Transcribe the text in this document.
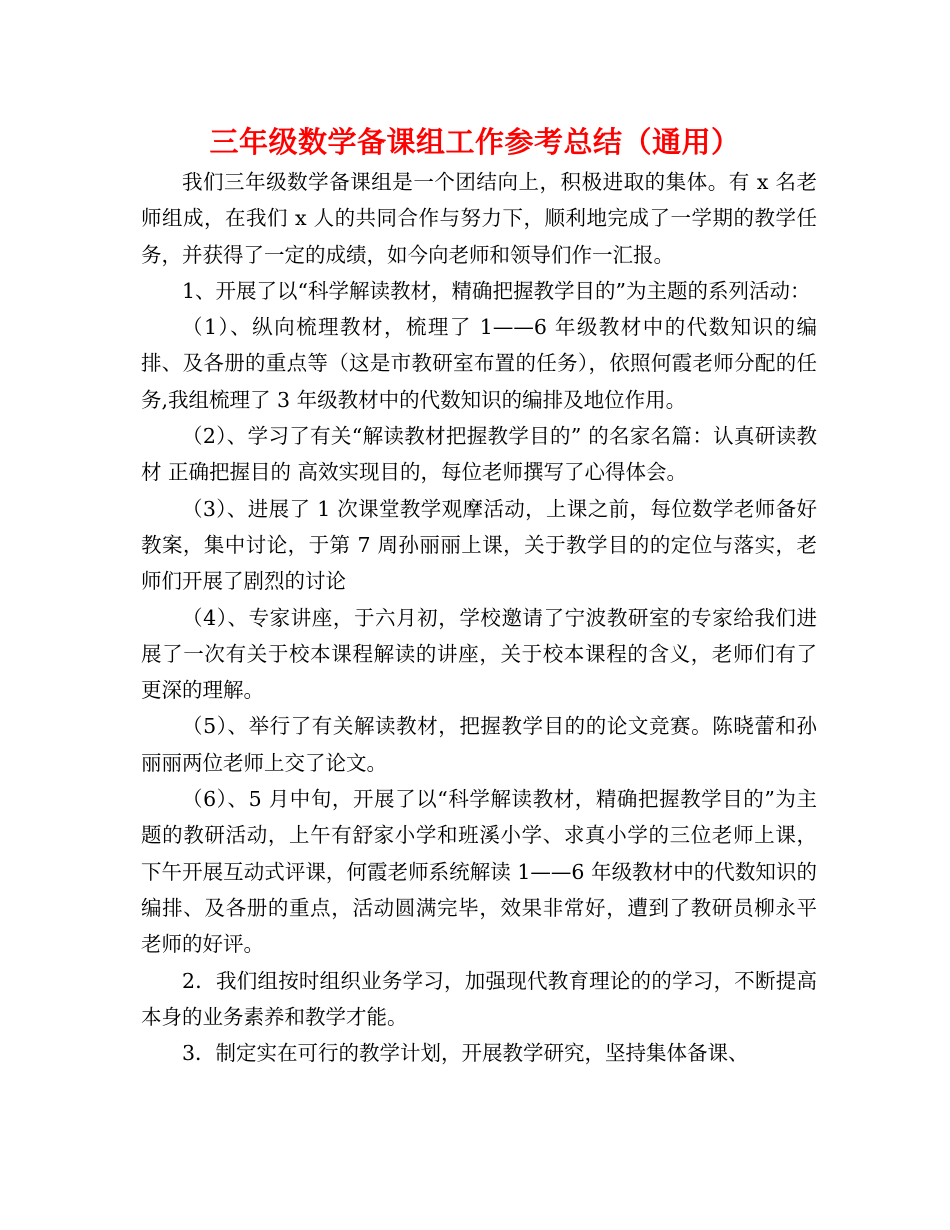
三年级数学备课组工作参考总结（通用）

我们三年级数学备课组是一个团结向上，积极进取的集体。有 x 名老师组成，在我们 x 人的共同合作与努力下，顺利地完成了一学期的教学任务，并获得了一定的成绩，如今向老师和领导们作一汇报。

1、开展了以“科学解读教材，精确把握教学目的”为主题的系列活动：

（1）、纵向梳理教材，梳理了 1——6 年级教材中的代数知识的编排、及各册的重点等（这是市教研室布置的任务），依照何霞老师分配的任务,我组梳理了 3 年级教材中的代数知识的编排及地位作用。

（2）、学习了有关“解读教材把握教学目的” 的名家名篇：认真研读教材 正确把握目的 高效实现目的，每位老师撰写了心得体会。

（3）、进展了 1 次课堂教学观摩活动，上课之前，每位数学老师备好教案，集中讨论，于第 7 周孙丽丽上课，关于教学目的的定位与落实，老师们开展了剧烈的讨论

（4）、专家讲座，于六月初，学校邀请了宁波教研室的专家给我们进展了一次有关于校本课程解读的讲座，关于校本课程的含义，老师们有了更深的理解。

（5）、举行了有关解读教材，把握教学目的的论文竞赛。陈晓蕾和孙丽丽两位老师上交了论文。

（6）、5 月中旬，开展了以“科学解读教材，精确把握教学目的”为主题的教研活动，上午有舒家小学和班溪小学、求真小学的三位老师上课，下午开展互动式评课，何霞老师系统解读 1——6 年级教材中的代数知识的编排、及各册的重点，活动圆满完毕，效果非常好，遭到了教研员柳永平老师的好评。

2．我们组按时组织业务学习，加强现代教育理论的的学习，不断提高本身的业务素养和教学才能。

3．制定实在可行的教学计划，开展教学研究，坚持集体备课、
